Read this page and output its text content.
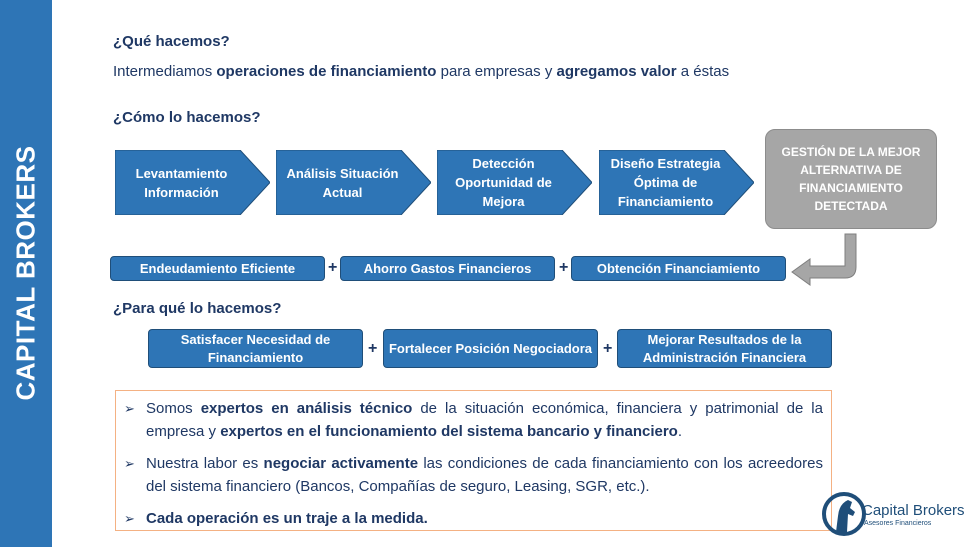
CAPITAL BROKERS
¿Qué hacemos?
Intermediamos operaciones de financiamiento para empresas y agregamos valor a éstas
¿Cómo lo hacemos?
Levantamiento Información
Análisis Situación Actual
Detección Oportunidad de Mejora
Diseño Estrategia Óptima de Financiamiento
GESTIÓN DE LA MEJOR ALTERNATIVA DE FINANCIAMIENTO DETECTADA
Endeudamiento Eficiente	+	Ahorro Gastos Financieros	+	Obtención Financiamiento
¿Para qué lo hacemos?
Satisfacer Necesidad de Financiamiento	+ Fortalecer Posición Negociadora +
Mejorar Resultados de la Administración Financiera
➢ Somos expertos en análisis técnico de la situación económica, financiera y patrimonial de la empresa y expertos en el funcionamiento del sistema bancario y financiero.
➢ Nuestra labor es negociar activamente las condiciones de cada financiamiento con los acreedores del sistema financiero (Bancos, Compañías de seguro, Leasing, SGR, etc.).
➢ Cada operación es un traje a la medida.	Capital Brokers
Asesores Financieros
